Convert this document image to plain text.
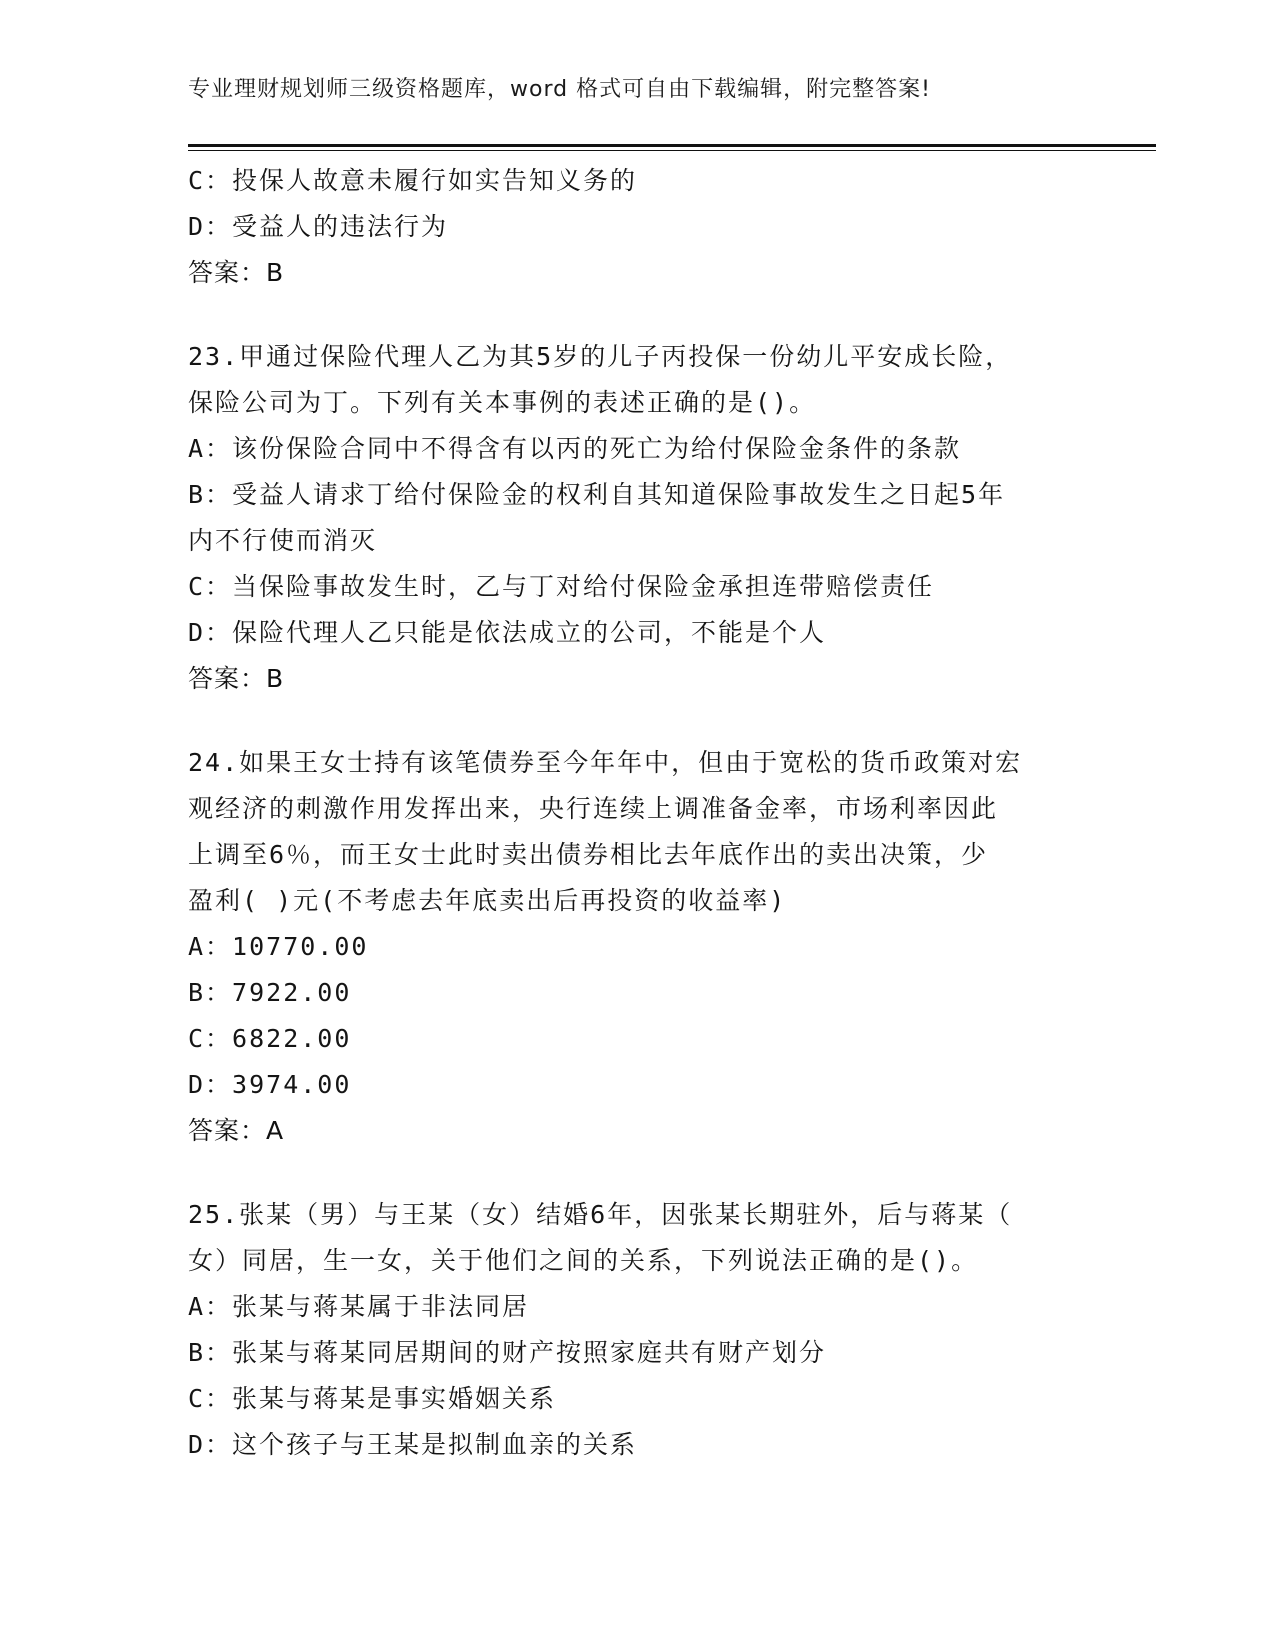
专业理财规划师三级资格题库，word 格式可自由下载编辑，附完整答案!
C：投保人故意未履行如实告知义务的
D：受益人的违法行为
答案：B
23.甲通过保险代理人乙为其5岁的儿子丙投保一份幼儿平安成长险，
保险公司为丁。下列有关本事例的表述正确的是()。
A：该份保险合同中不得含有以丙的死亡为给付保险金条件的条款
B：受益人请求丁给付保险金的权利自其知道保险事故发生之日起5年
内不行使而消灭
C：当保险事故发生时，乙与丁对给付保险金承担连带赔偿责任
D：保险代理人乙只能是依法成立的公司，不能是个人
答案：B
24.如果王女士持有该笔债券至今年年中，但由于宽松的货币政策对宏
观经济的刺激作用发挥出来，央行连续上调准备金率，市场利率因此
上调至6％，而王女士此时卖出债券相比去年底作出的卖出决策，少
盈利( )元(不考虑去年底卖出后再投资的收益率)
A：10770.00
B：7922.00
C：6822.00
D：3974.00
答案：A
25.张某（男）与王某（女）结婚6年，因张某长期驻外，后与蒋某（
女）同居，生一女，关于他们之间的关系，下列说法正确的是()。
A：张某与蒋某属于非法同居
B：张某与蒋某同居期间的财产按照家庭共有财产划分
C：张某与蒋某是事实婚姻关系
D：这个孩子与王某是拟制血亲的关系
